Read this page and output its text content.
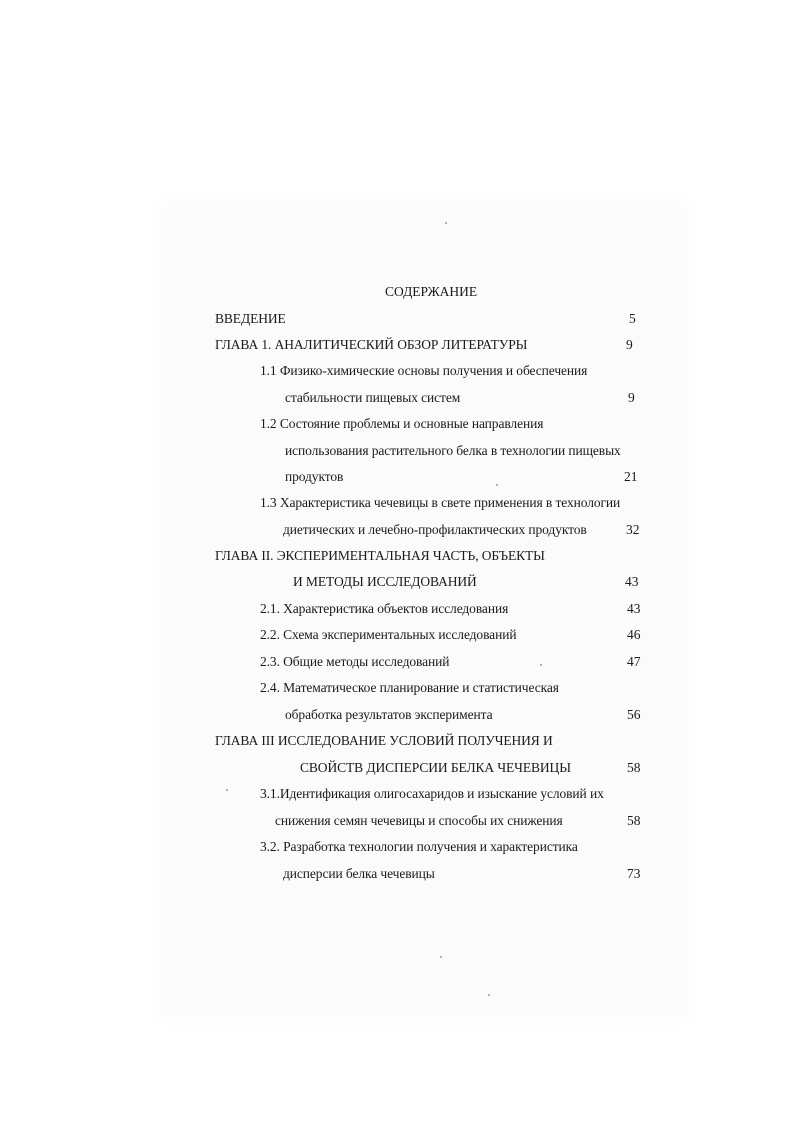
СОДЕРЖАНИЕ
ВВЕДЕНИЕ	5
ГЛАВА 1. АНАЛИТИЧЕСКИЙ ОБЗОР ЛИТЕРАТУРЫ	9
1.1 Физико-химические основы получения и обеспечения
стабильности пищевых систем	9
1.2 Состояние проблемы и основные направления
использования растительного белка в технологии пищевых
продуктов	21
1.3 Характеристика чечевицы в свете применения в технологии
диетических и лечебно-профилактических продуктов	32
ГЛАВА II. ЭКСПЕРИМЕНТАЛЬНАЯ ЧАСТЬ, ОБЪЕКТЫ
И МЕТОДЫ ИССЛЕДОВАНИЙ	43
2.1. Характеристика объектов исследования	43
2.2. Схема экспериментальных исследований	46
2.3. Общие методы исследований	47
2.4. Математическое планирование и статистическая
обработка результатов эксперимента	56
ГЛАВА III ИССЛЕДОВАНИЕ УСЛОВИЙ ПОЛУЧЕНИЯ И
СВОЙСТВ ДИСПЕРСИИ БЕЛКА ЧЕЧЕВИЦЫ	58
3.1.Идентификация олигосахаридов и изыскание условий их
снижения семян чечевицы и способы их снижения	58
3.2. Разработка технологии получения и характеристика
дисперсии белка чечевицы	73
